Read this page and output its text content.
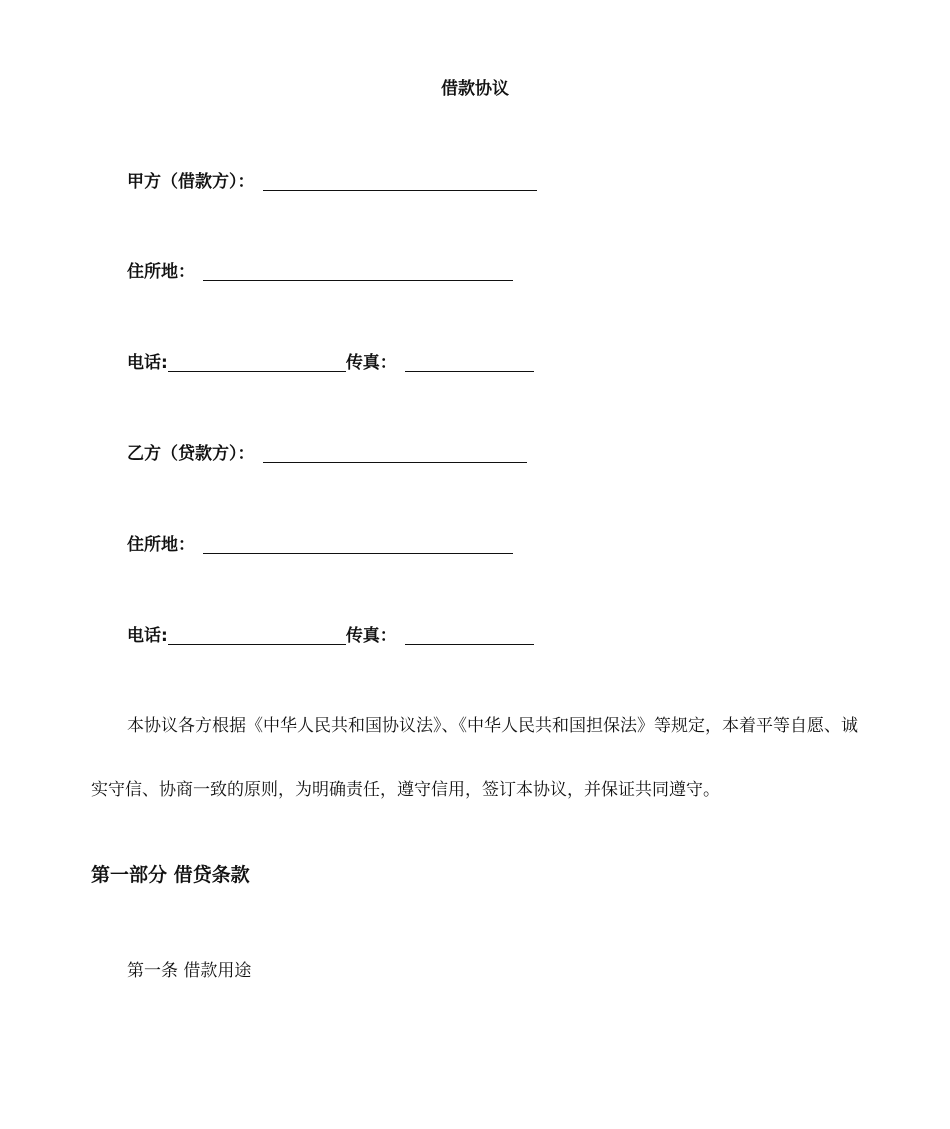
借款协议
甲方（借款方）：
住所地：
电话:	传真：
乙方（贷款方）：
住所地：
电话:	传真：

本协议各方根据《中华人民共和国协议法》、《中华人民共和国担保法》等规定，本着平等自愿、诚实守信、协商一致的原则，为明确责任，遵守信用，签订本协议，并保证共同遵守。

第一部分 借贷条款
第一条 借款用途
